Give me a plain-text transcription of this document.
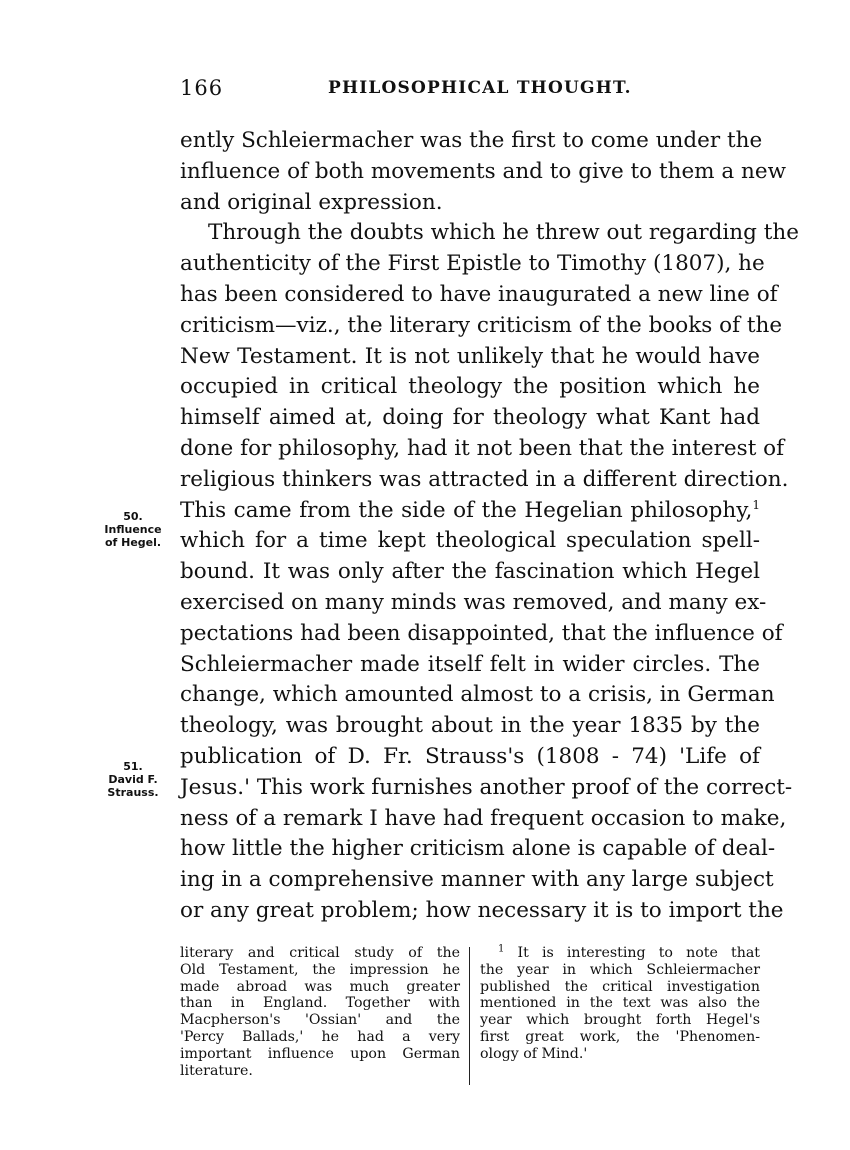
166	PHILOSOPHICAL THOUGHT.
ently Schleiermacher was the first to come under the
influence of both movements and to give to them a new
and original expression.
Through the doubts which he threw out regarding the
authenticity of the First Epistle to Timothy (1807), he
has been considered to have inaugurated a new line of
criticism—viz., the literary criticism of the books of the
New Testament. It is not unlikely that he would have
occupied in critical theology the position which he
himself aimed at, doing for theology what Kant had
done for philosophy, had it not been that the interest of
religious thinkers was attracted in a different direction.
This came from the side of the Hegelian philosophy,$^1$
which for a time kept theological speculation spell-
bound. It was only after the fascination which Hegel
exercised on many minds was removed, and many ex-
pectations had been disappointed, that the influence of
Schleiermacher made itself felt in wider circles. The
change, which amounted almost to a crisis, in German
theology, was brought about in the year 1835 by the
publication of D. Fr. Strauss's (1808 - 74) 'Life of
Jesus.' This work furnishes another proof of the correct-
ness of a remark I have had frequent occasion to make,
how little the higher criticism alone is capable of deal-
ing in a comprehensive manner with any large subject
or any great problem; how necessary it is to import the
50.
Influence
of Hegel.
51.
David F.
Strauss.
literary and critical study of the
Old Testament, the impression he
made abroad was much greater
than in England. Together with
Macpherson's 'Ossian' and the
'Percy Ballads,' he had a very
important influence upon German
literature.
$^1$ It is interesting to note that
the year in which Schleiermacher
published the critical investigation
mentioned in the text was also the
year which brought forth Hegel's
first great work, the 'Phenomen-
ology of Mind.'
